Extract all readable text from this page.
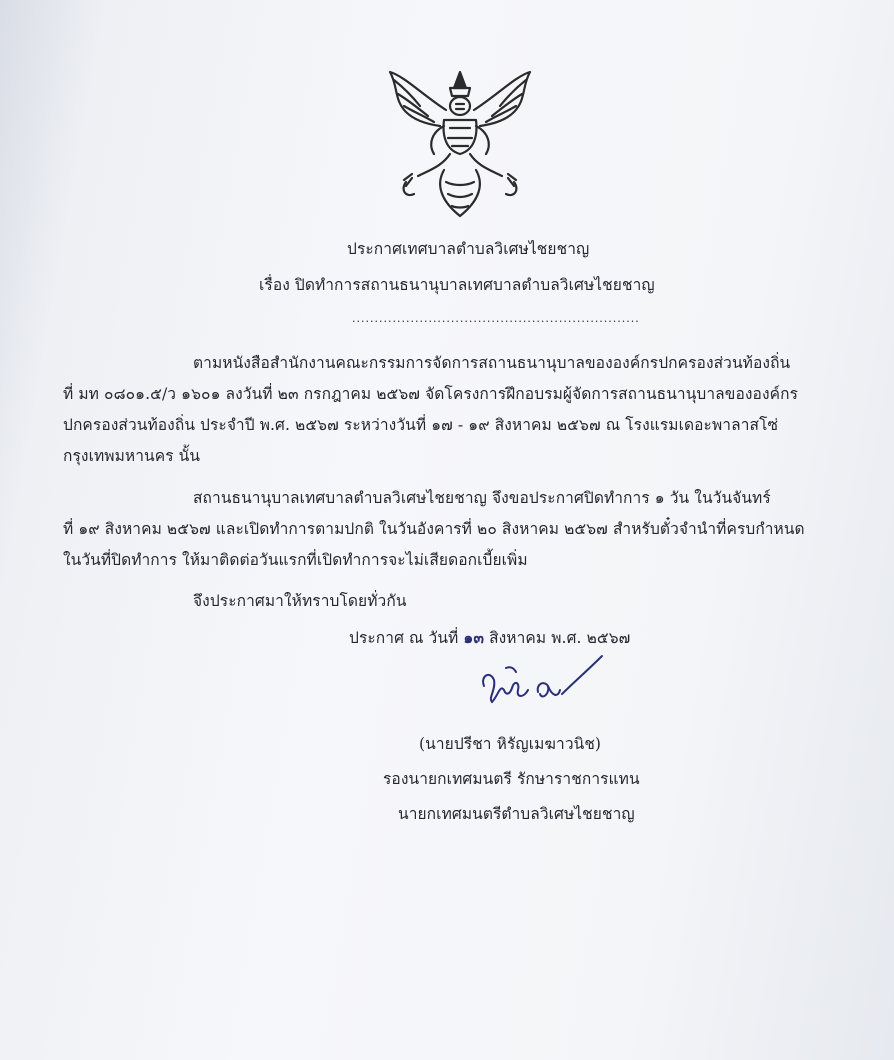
ประกาศเทศบาลตำบลวิเศษไชยชาญ
เรื่อง ปิดทำการสถานธนานุบาลเทศบาลตำบลวิเศษไชยชาญ
................................................................
ตามหนังสือสำนักงานคณะกรรมการจัดการสถานธนานุบาลขององค์กรปกครองส่วนท้องถิ่น
ที่ มท ๐๘๐๑.๕/ว ๑๖๐๑ ลงวันที่ ๒๓ กรกฎาคม ๒๕๖๗ จัดโครงการฝึกอบรมผู้จัดการสถานธนานุบาลขององค์กร
ปกครองส่วนท้องถิ่น ประจำปี พ.ศ. ๒๕๖๗ ระหว่างวันที่ ๑๗ - ๑๙ สิงหาคม ๒๕๖๗ ณ โรงแรมเดอะพาลาสโซ่
กรุงเทพมหานคร นั้น
สถานธนานุบาลเทศบาลตำบลวิเศษไชยชาญ จึงขอประกาศปิดทำการ ๑ วัน ในวันจันทร์
ที่ ๑๙ สิงหาคม ๒๕๖๗ และเปิดทำการตามปกติ ในวันอังคารที่ ๒๐ สิงหาคม ๒๕๖๗ สำหรับตั๋วจำนำที่ครบกำหนด
ในวันที่ปิดทำการ ให้มาติดต่อวันแรกที่เปิดทำการจะไม่เสียดอกเบี้ยเพิ่ม
จึงประกาศมาให้ทราบโดยทั่วกัน
ประกาศ ณ วันที่ ๑๓ สิงหาคม พ.ศ. ๒๕๖๗
(นายปรีชา หิรัญเมฆาวนิช)
รองนายกเทศมนตรี รักษาราชการแทน
นายกเทศมนตรีตำบลวิเศษไชยชาญ
